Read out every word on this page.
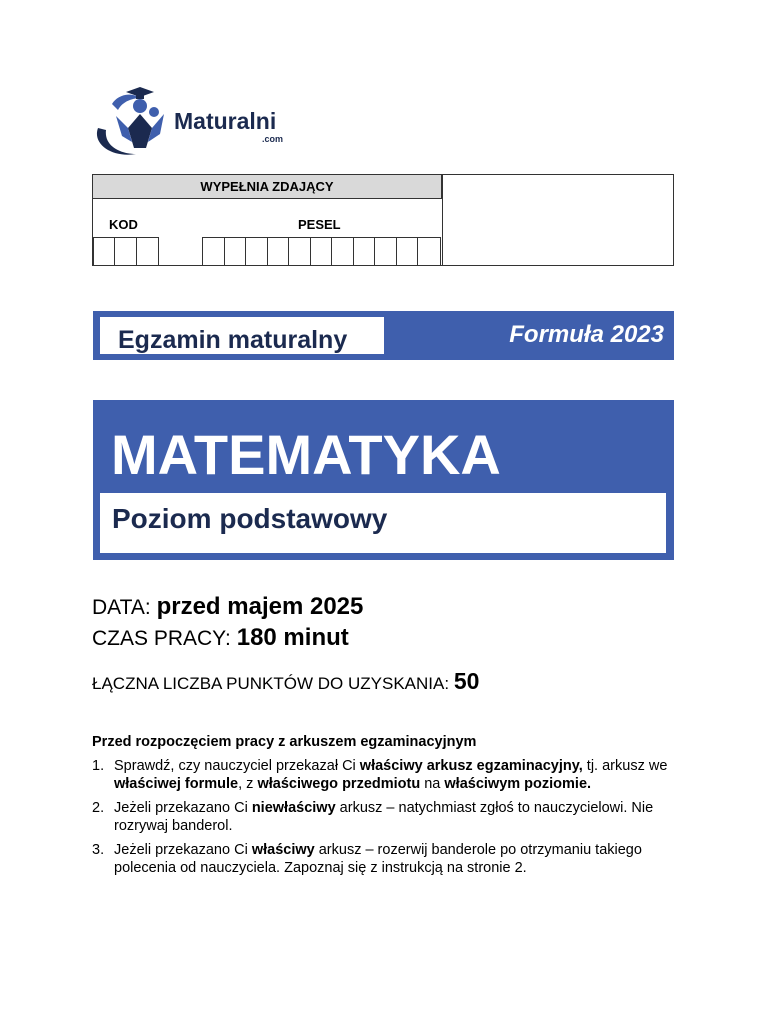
Maturalni
.com
WYPEŁNIA ZDAJĄCY
KOD	PESEL
Egzamin maturalny	Formuła 2023
MATEMATYKA
Poziom podstawowy
DATA: przed majem 2025
CZAS PRACY: 180 minut
ŁĄCZNA LICZBA PUNKTÓW DO UZYSKANIA: 50
Przed rozpoczęciem pracy z arkuszem egzaminacyjnym
1. Sprawdź, czy nauczyciel przekazał Ci właściwy arkusz egzaminacyjny, tj. arkusz we właściwej formule, z właściwego przedmiotu na właściwym poziomie.
2. Jeżeli przekazano Ci niewłaściwy arkusz – natychmiast zgłoś to nauczycielowi. Nie rozrywaj banderol.
3. Jeżeli przekazano Ci właściwy arkusz – rozerwij banderole po otrzymaniu takiego polecenia od nauczyciela. Zapoznaj się z instrukcją na stronie 2.
